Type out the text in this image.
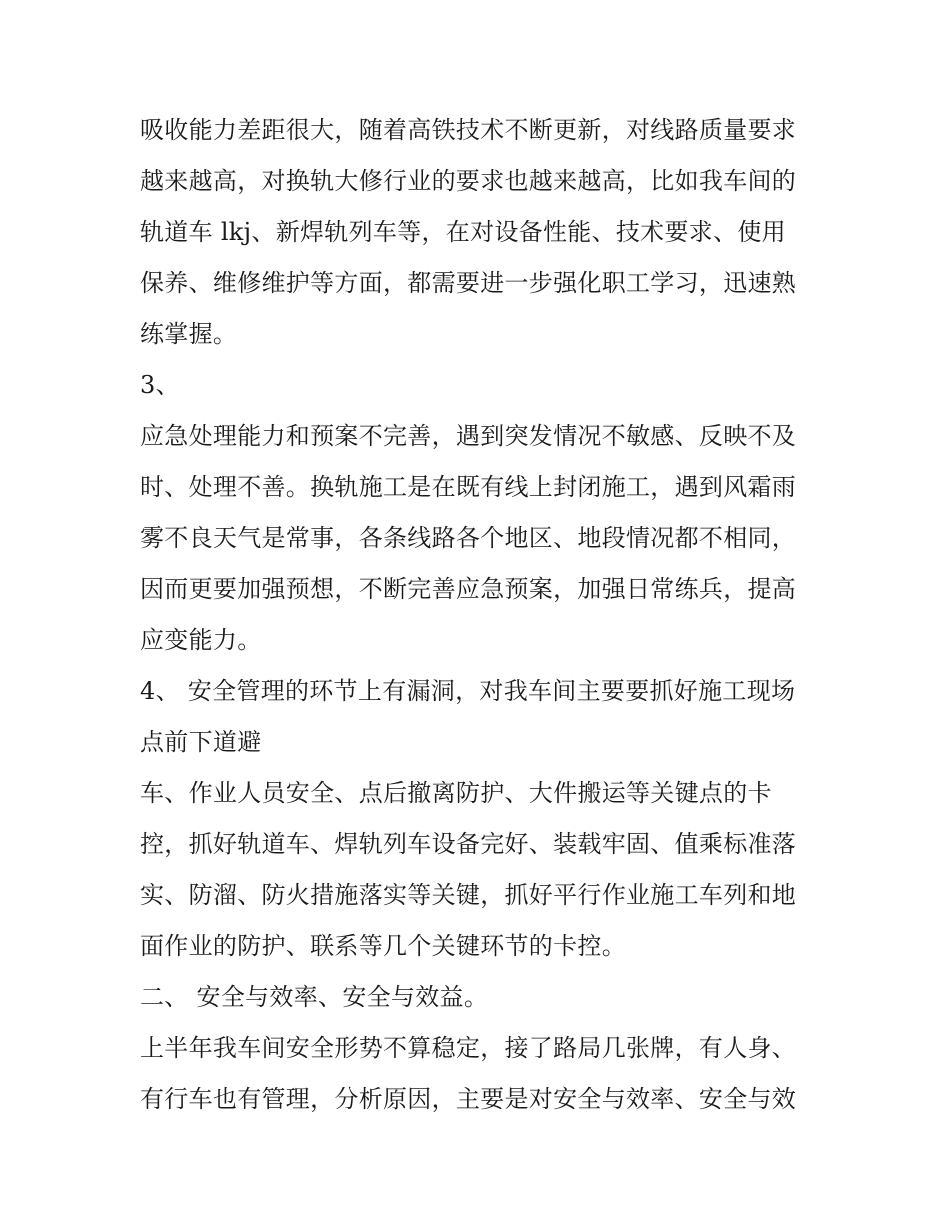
吸收能力差距很大，随着高铁技术不断更新，对线路质量要求
越来越高，对换轨大修行业的要求也越来越高，比如我车间的
轨道车 lkj、新焊轨列车等，在对设备性能、技术要求、使用
保养、维修维护等方面，都需要进一步强化职工学习，迅速熟
练掌握。
3、
应急处理能力和预案不完善，遇到突发情况不敏感、反映不及
时、处理不善。换轨施工是在既有线上封闭施工，遇到风霜雨
雾不良天气是常事，各条线路各个地区、地段情况都不相同，
因而更要加强预想，不断完善应急预案，加强日常练兵，提高
应变能力。
4、 安全管理的环节上有漏洞，对我车间主要要抓好施工现场
点前下道避
车、作业人员安全、点后撤离防护、大件搬运等关键点的卡
控，抓好轨道车、焊轨列车设备完好、装载牢固、值乘标准落
实、防溜、防火措施落实等关键，抓好平行作业施工车列和地
面作业的防护、联系等几个关键环节的卡控。
二、 安全与效率、安全与效益。
上半年我车间安全形势不算稳定，接了路局几张牌，有人身、
有行车也有管理，分析原因，主要是对安全与效率、安全与效
